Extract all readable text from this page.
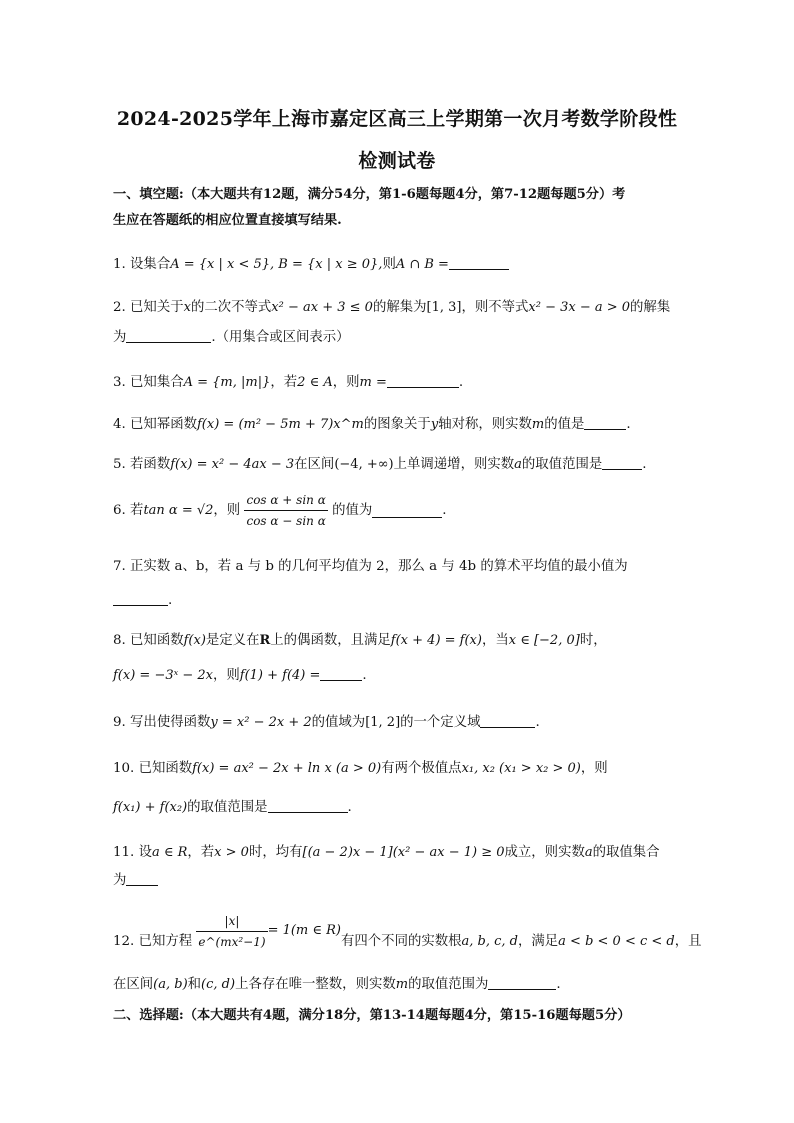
2024-2025学年上海市嘉定区高三上学期第一次月考数学阶段性
检测试卷
一、填空题:（本大题共有12题，满分54分，第1-6题每题4分，第7-12题每题5分）考
生应在答题纸的相应位置直接填写结果.
1. 设集合A = {x | x < 5}, B = {x | x ≥ 0},则A ∩ B =
2. 已知关于x的二次不等式x² − ax + 3 ≤ 0的解集为[1, 3]，则不等式x² − 3x − a > 0的解集
为	.（用集合或区间表示）
3. 已知集合A = {m, |m|}，若2 ∈ A，则m =	.
4. 已知幂函数f(x) = (m² − 5m + 7)x^m的图象关于y轴对称，则实数m的值是	.
5. 若函数f(x) = x² − 4ax − 3在区间(−4, +∞)上单调递增，则实数a的取值范围是	.
6. 若tan α = √2，则 $\frac{\text{cos α + sin α}}{\text{cos α − sin α}}$ 的值为	.
7. 正实数 a、b，若 a 与 b 的几何平均值为 2，那么 a 与 4b 的算术平均值的最小值为
.
8. 已知函数f(x)是定义在R上的偶函数，且满足f(x + 4) = f(x)，当x ∈ [−2, 0]时，
f(x) = −3ˣ − 2x，则f(1) + f(4) =	.
9. 写出使得函数y = x² − 2x + 2的值域为[1, 2]的一个定义域	.
10. 已知函数f(x) = ax² − 2x + ln x (a > 0)有两个极值点x₁, x₂ (x₁ > x₂ > 0)，则
f(x₁) + f(x₂)的取值范围是	.
11. 设a ∈ R，若x > 0时，均有[(a − 2)x − 1](x² − ax − 1) ≥ 0成立，则实数a的取值集合
为
12. 已知方程 $\frac{|x|}{\text{e\textasciicircum{}(mx²−1)}} = 1(m$ ∈ R)有四个不同的实数根a, b, c, d，满足a < b < 0 < c < d，且
在区间(a, b)和(c, d)上各存在唯一整数，则实数m的取值范围为	.
二、选择题:（本大题共有4题，满分18分，第13-14题每题4分，第15-16题每题5分）
